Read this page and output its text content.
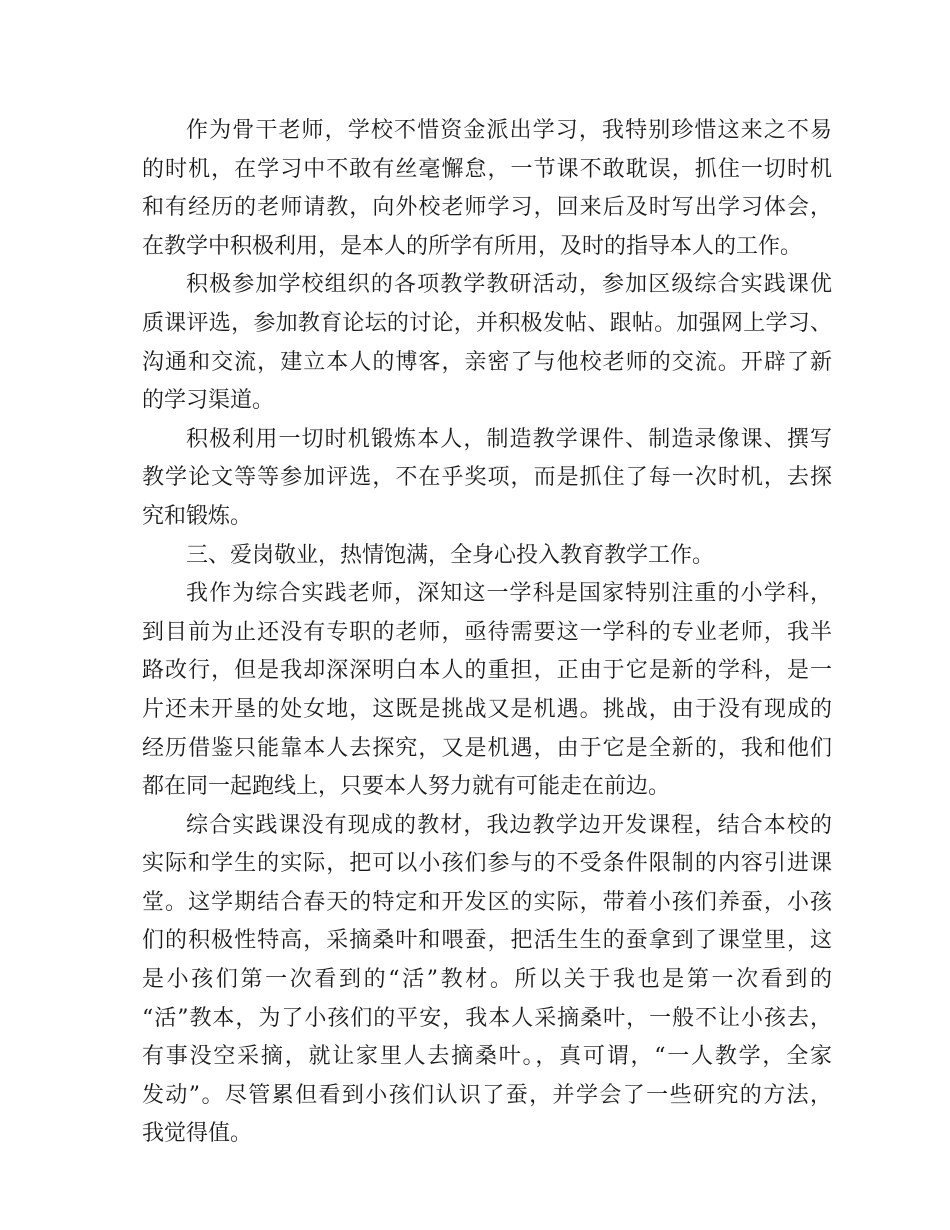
作为骨干老师，学校不惜资金派出学习，我特别珍惜这来之不易
的时机，在学习中不敢有丝毫懈怠，一节课不敢耽误，抓住一切时机
和有经历的老师请教，向外校老师学习，回来后及时写出学习体会，
在教学中积极利用，是本人的所学有所用，及时的指导本人的工作。
积极参加学校组织的各项教学教研活动，参加区级综合实践课优
质课评选，参加教育论坛的讨论，并积极发帖、跟帖。加强网上学习、
沟通和交流，建立本人的博客，亲密了与他校老师的交流。开辟了新
的学习渠道。
积极利用一切时机锻炼本人，制造教学课件、制造录像课、撰写
教学论文等等参加评选，不在乎奖项，而是抓住了每一次时机，去探
究和锻炼。
三、爱岗敬业，热情饱满，全身心投入教育教学工作。
我作为综合实践老师，深知这一学科是国家特别注重的小学科，
到目前为止还没有专职的老师，亟待需要这一学科的专业老师，我半
路改行，但是我却深深明白本人的重担，正由于它是新的学科，是一
片还未开垦的处女地，这既是挑战又是机遇。挑战，由于没有现成的
经历借鉴只能靠本人去探究，又是机遇，由于它是全新的，我和他们
都在同一起跑线上，只要本人努力就有可能走在前边。
综合实践课没有现成的教材，我边教学边开发课程，结合本校的
实际和学生的实际，把可以小孩们参与的不受条件限制的内容引进课
堂。这学期结合春天的特定和开发区的实际，带着小孩们养蚕，小孩
们的积极性特高，采摘桑叶和喂蚕，把活生生的蚕拿到了课堂里，这
是小孩们第一次看到的“活”教材。所以关于我也是第一次看到的
“活”教本，为了小孩们的平安，我本人采摘桑叶，一般不让小孩去，
有事没空采摘，就让家里人去摘桑叶。，真可谓，“一人教学，全家
发动”。尽管累但看到小孩们认识了蚕，并学会了一些研究的方法，
我觉得值。
